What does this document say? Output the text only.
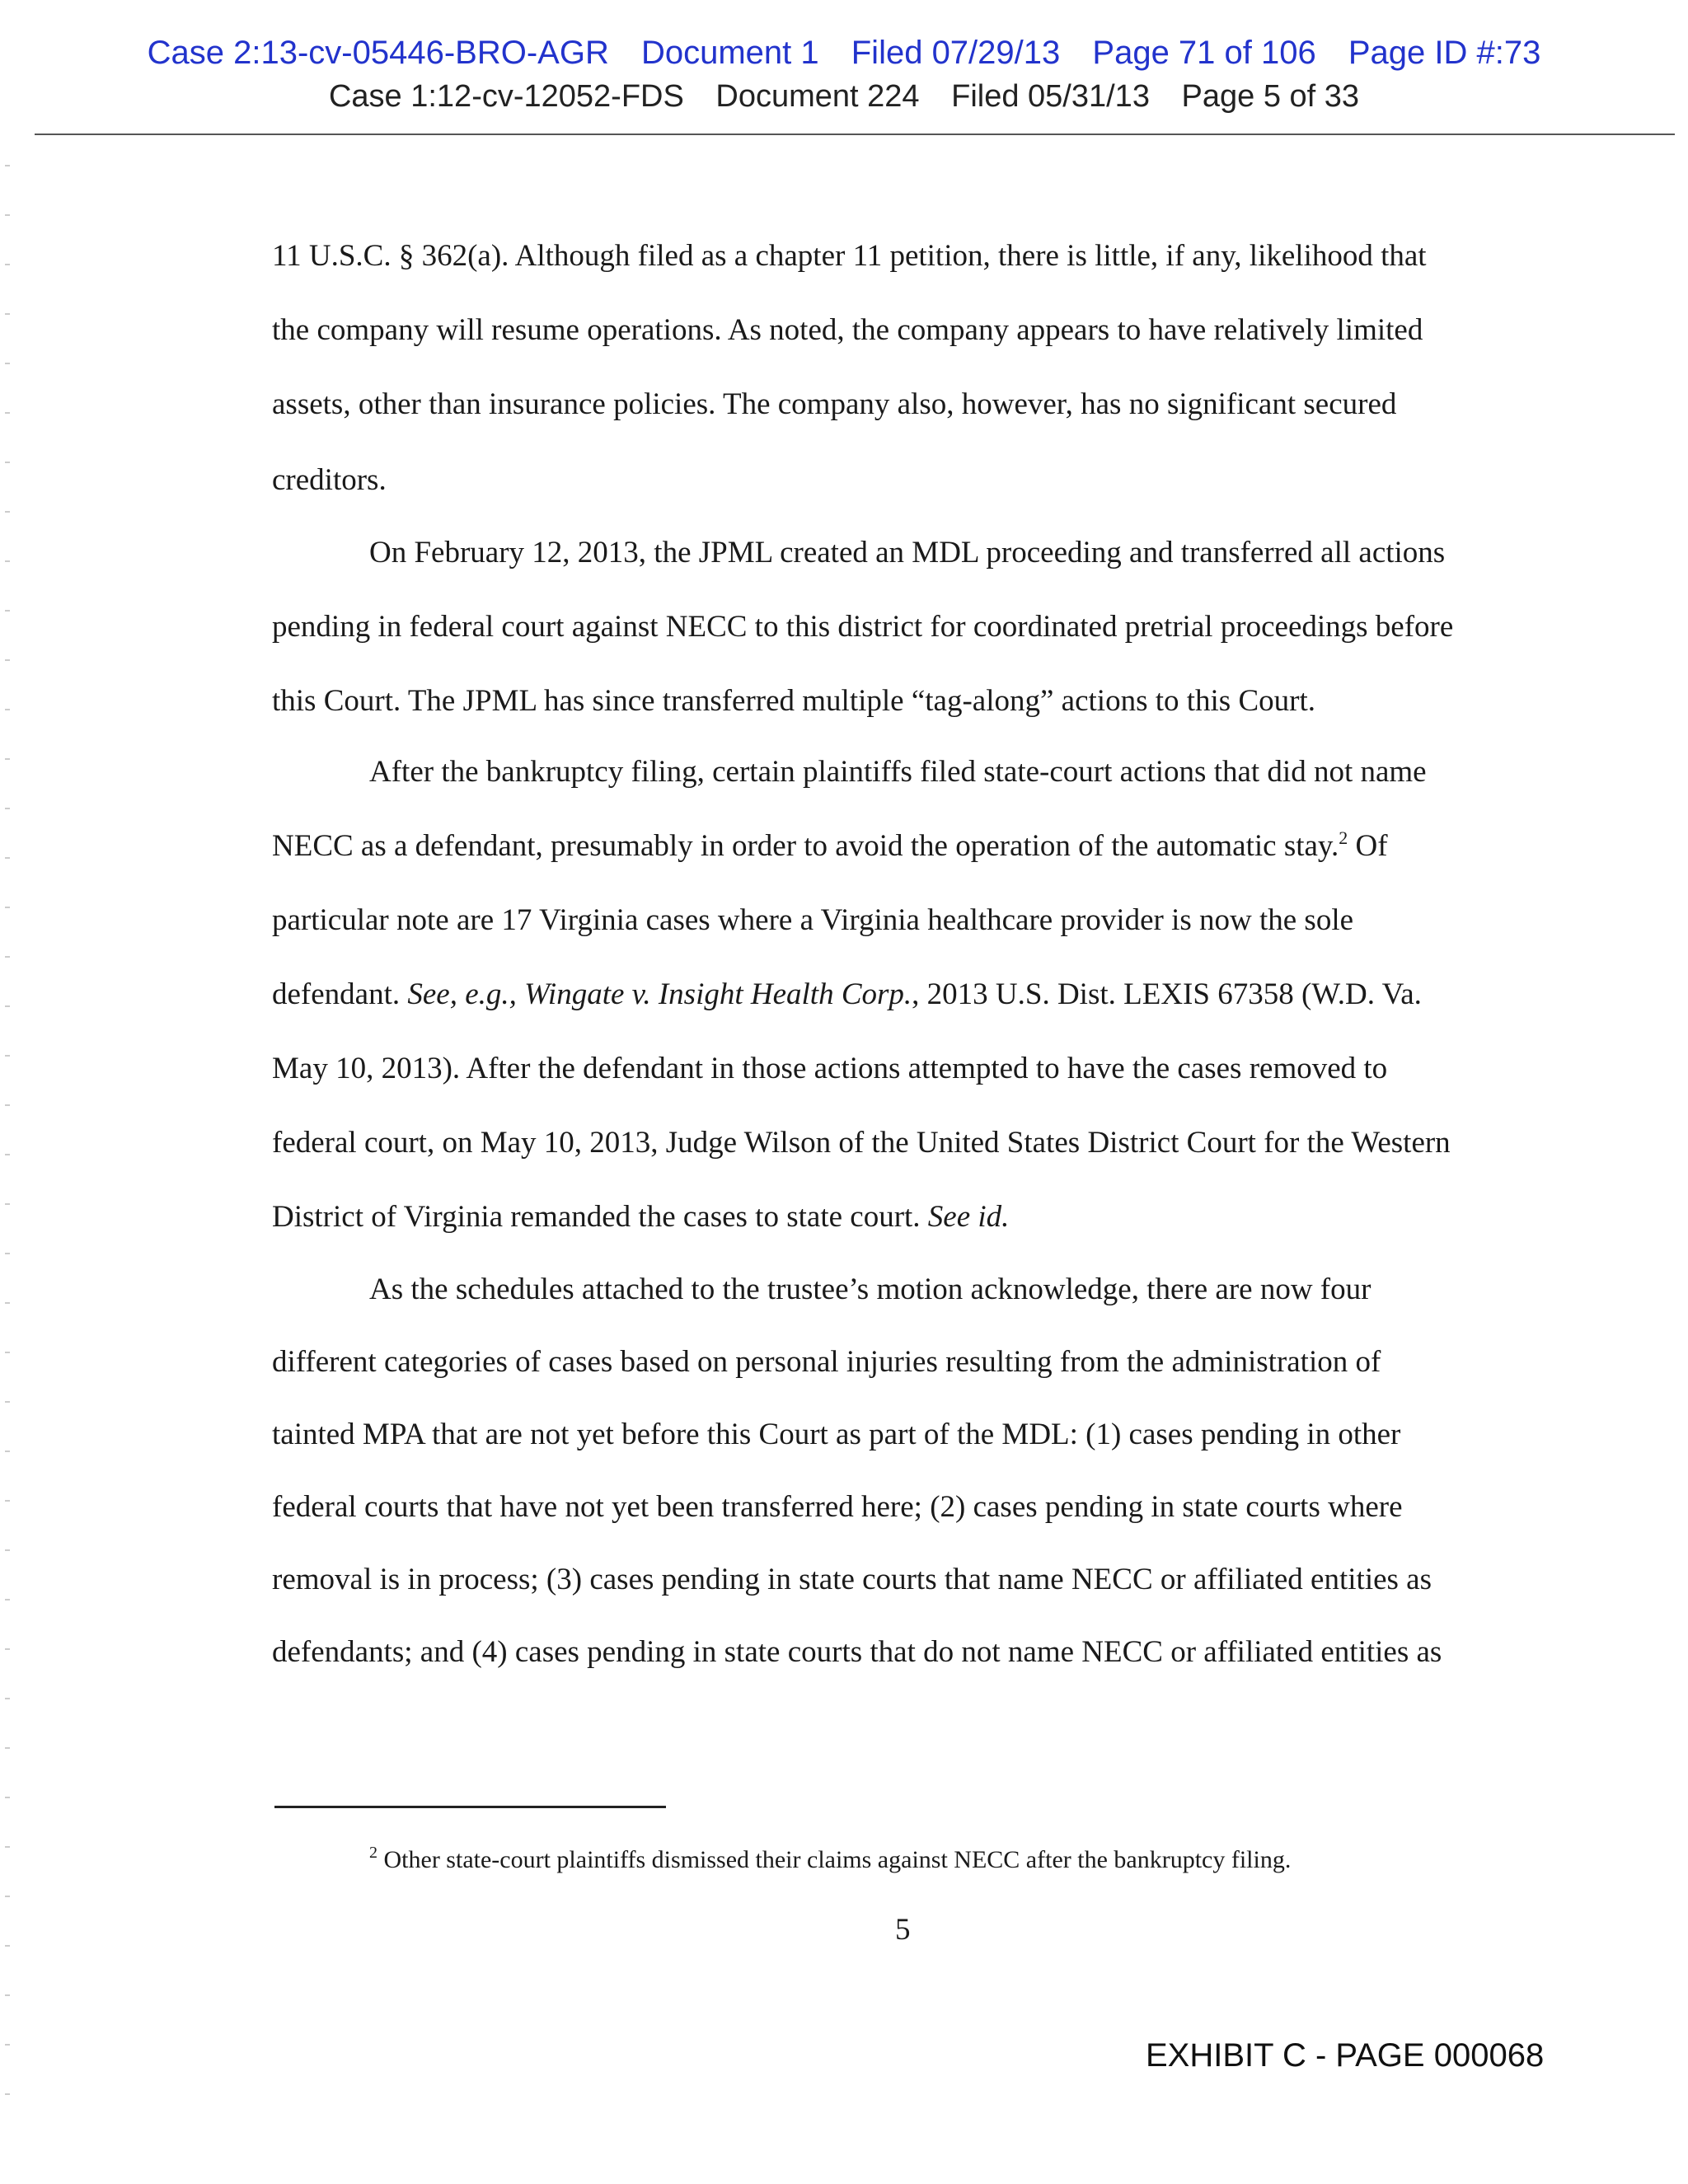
Case 2:13-cv-05446-BRO-AGR Document 1 Filed 07/29/13 Page 71 of 106 Page ID #:73
Case 1:12-cv-12052-FDS Document 224 Filed 05/31/13 Page 5 of 33
11 U.S.C. § 362(a). Although filed as a chapter 11 petition, there is little, if any, likelihood that
the company will resume operations. As noted, the company appears to have relatively limited
assets, other than insurance policies. The company also, however, has no significant secured
creditors.
On February 12, 2013, the JPML created an MDL proceeding and transferred all actions
pending in federal court against NECC to this district for coordinated pretrial proceedings before
this Court. The JPML has since transferred multiple “tag-along” actions to this Court.
After the bankruptcy filing, certain plaintiffs filed state-court actions that did not name
NECC as a defendant, presumably in order to avoid the operation of the automatic stay.$^2$ Of
particular note are 17 Virginia cases where a Virginia healthcare provider is now the sole
defendant. See, e.g., Wingate v. Insight Health Corp., 2013 U.S. Dist. LEXIS 67358 (W.D. Va.
May 10, 2013). After the defendant in those actions attempted to have the cases removed to
federal court, on May 10, 2013, Judge Wilson of the United States District Court for the Western
District of Virginia remanded the cases to state court. See id.
As the schedules attached to the trustee’s motion acknowledge, there are now four
different categories of cases based on personal injuries resulting from the administration of
tainted MPA that are not yet before this Court as part of the MDL: (1) cases pending in other
federal courts that have not yet been transferred here; (2) cases pending in state courts where
removal is in process; (3) cases pending in state courts that name NECC or affiliated entities as
defendants; and (4) cases pending in state courts that do not name NECC or affiliated entities as
$^2$ Other state-court plaintiffs dismissed their claims against NECC after the bankruptcy filing.
5
EXHIBIT C - PAGE 000068
